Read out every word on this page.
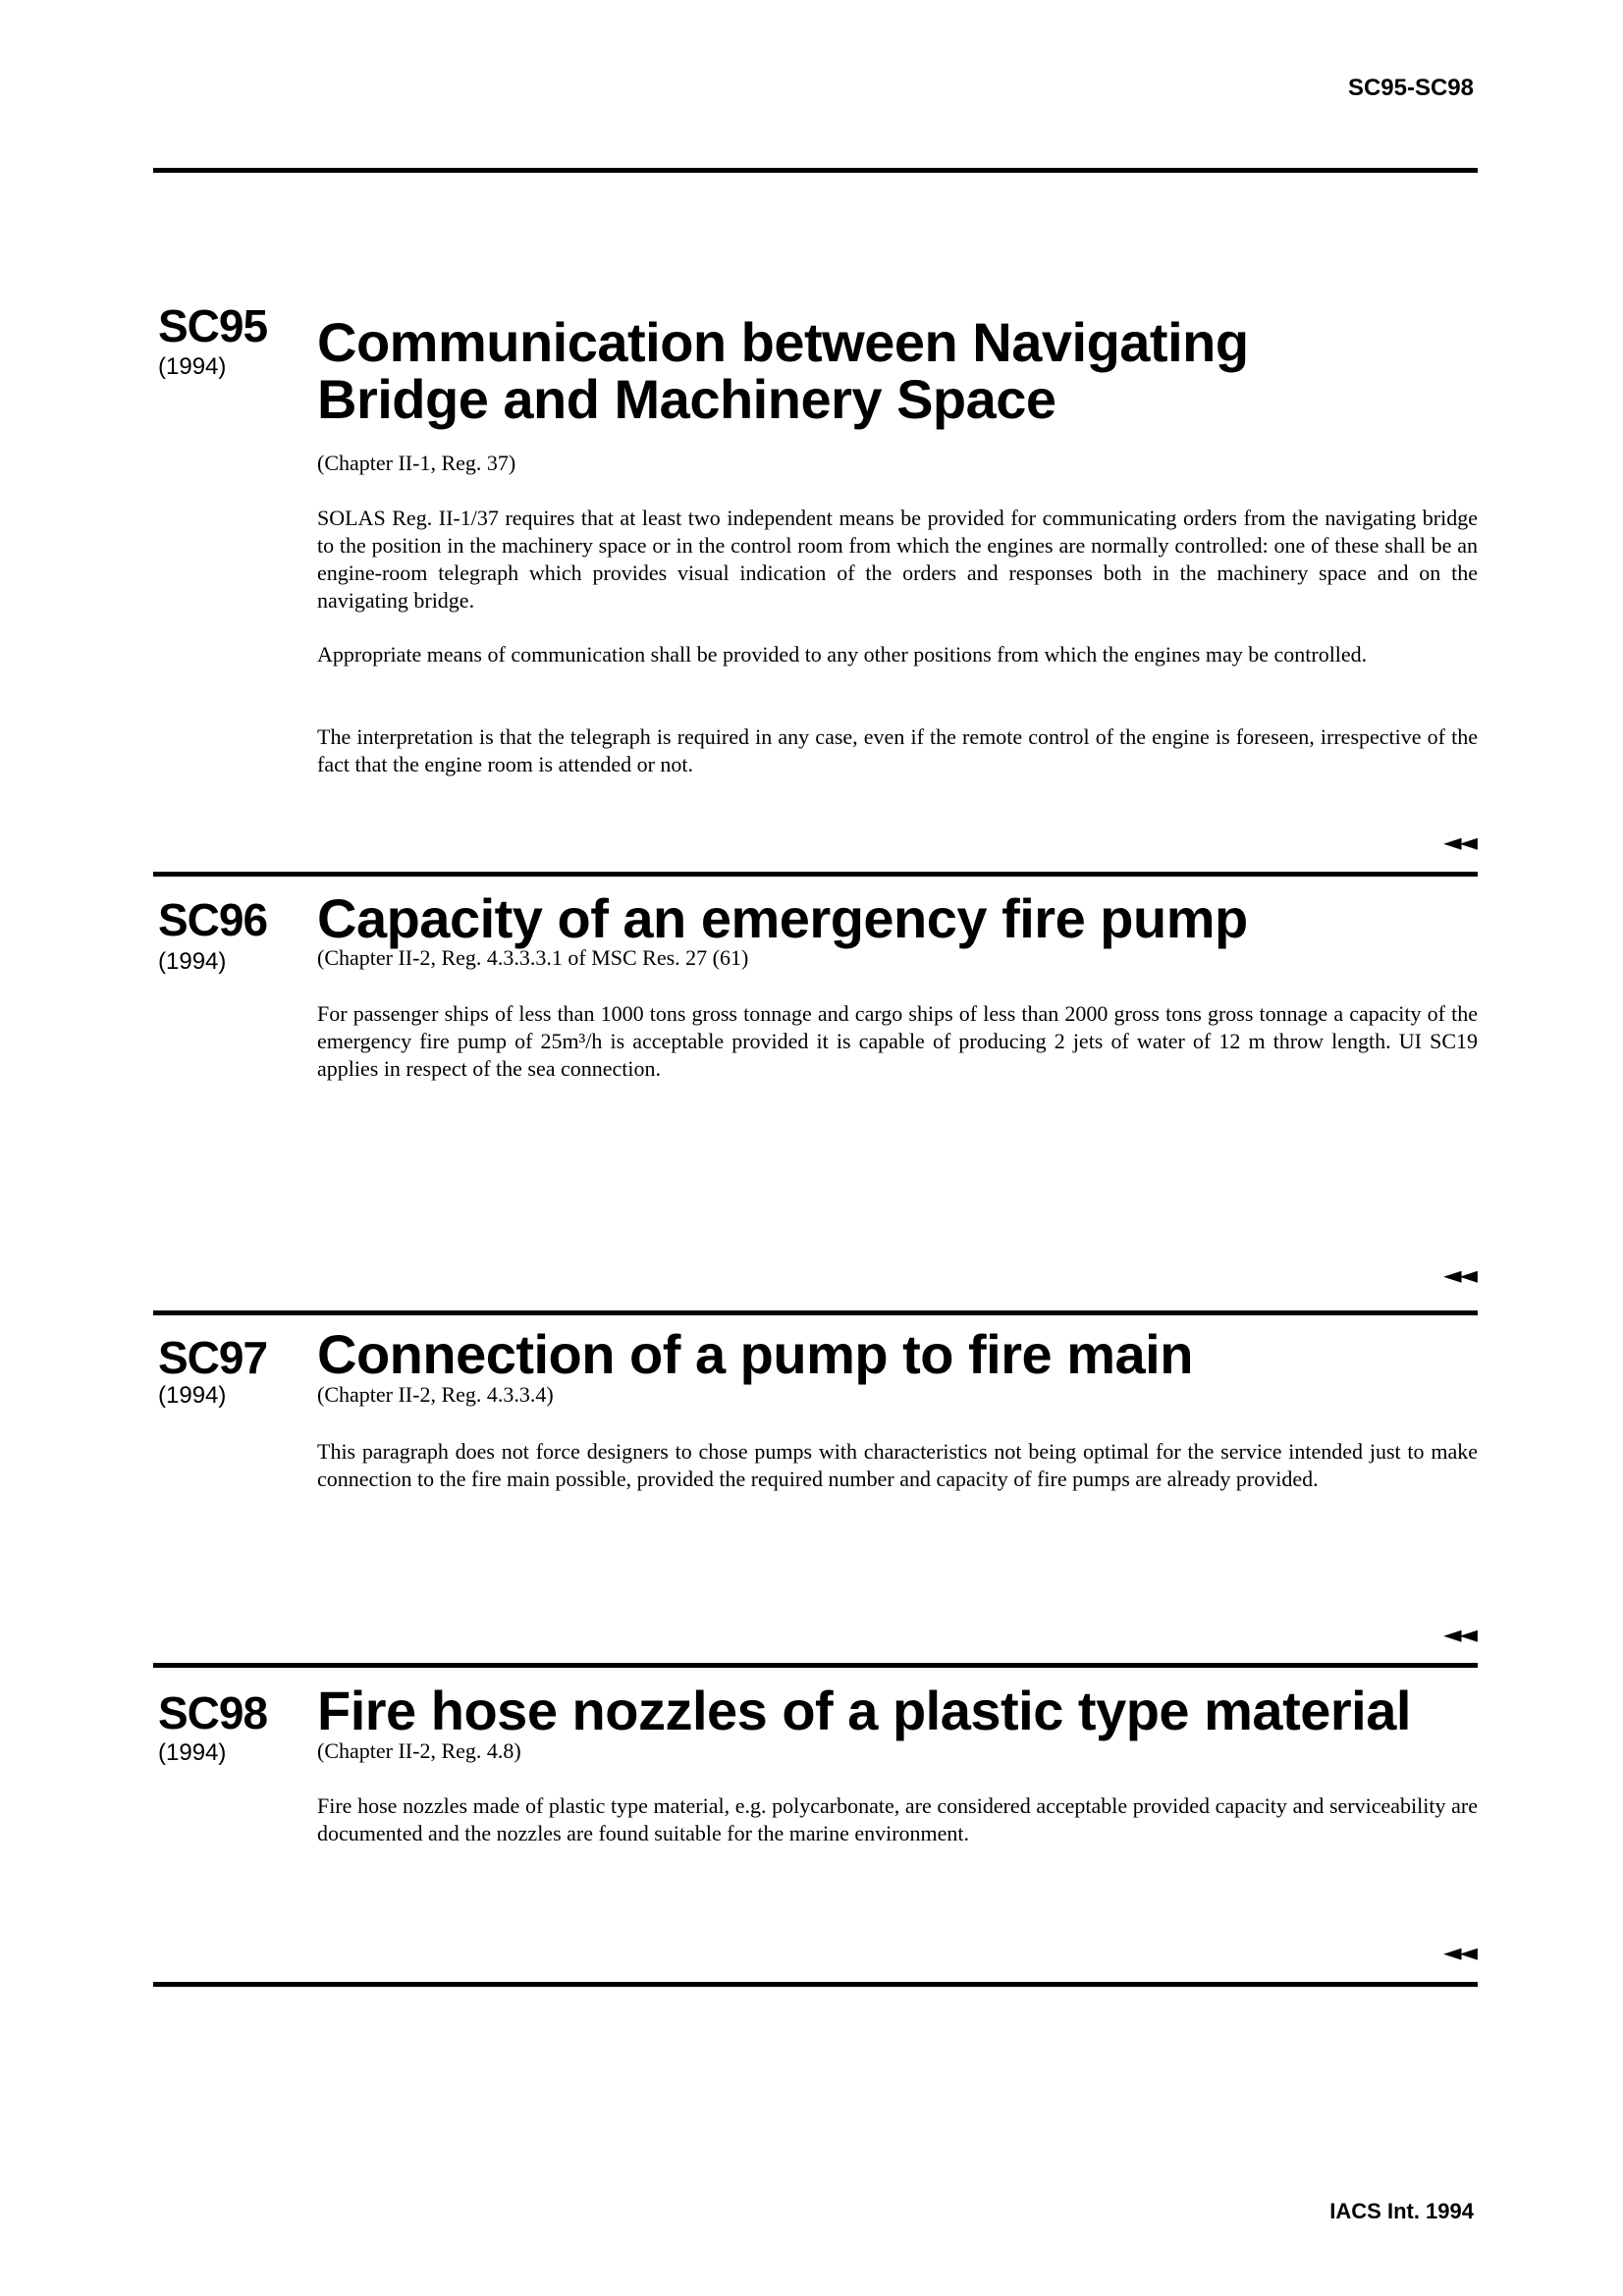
SC95-SC98
SC95
(1994) Communication between Navigating
Bridge and Machinery Space
(Chapter II-1, Reg. 37)
SOLAS Reg. II-1/37 requires that at least two independent means be provided for communicating orders from the navigating bridge to the position in the machinery space or in the control room from which the engines are normally controlled: one of these shall be an engine-room telegraph which provides visual indication of the orders and responses both in the machinery space and on the navigating bridge.
Appropriate means of communication shall be provided to any other positions from which the engines may be controlled.
The interpretation is that the telegraph is required in any case, even if the remote control of the engine is foreseen, irrespective of the fact that the engine room is attended or not.
◄◄
SC96
(1994)
Capacity of an emergency fire pump
(Chapter II-2, Reg. 4.3.3.3.1 of MSC Res. 27 (61)
For passenger ships of less than 1000 tons gross tonnage and cargo ships of less than 2000 gross tons gross tonnage a capacity of the emergency fire pump of 25m³/h is acceptable provided it is capable of producing 2 jets of water of 12 m throw length. UI SC19 applies in respect of the sea connection.
◄◄
SC97
(1994)
Connection of a pump to fire main
(Chapter II-2, Reg. 4.3.3.4)
This paragraph does not force designers to chose pumps with characteristics not being optimal for the service intended just to make connection to the fire main possible, provided the required number and capacity of fire pumps are already provided.
◄◄
SC98
(1994)
Fire hose nozzles of a plastic type material
(Chapter II-2, Reg. 4.8)
Fire hose nozzles made of plastic type material, e.g. polycarbonate, are considered acceptable provided capacity and serviceability are documented and the nozzles are found suitable for the marine environment.
◄◄
IACS Int. 1994
